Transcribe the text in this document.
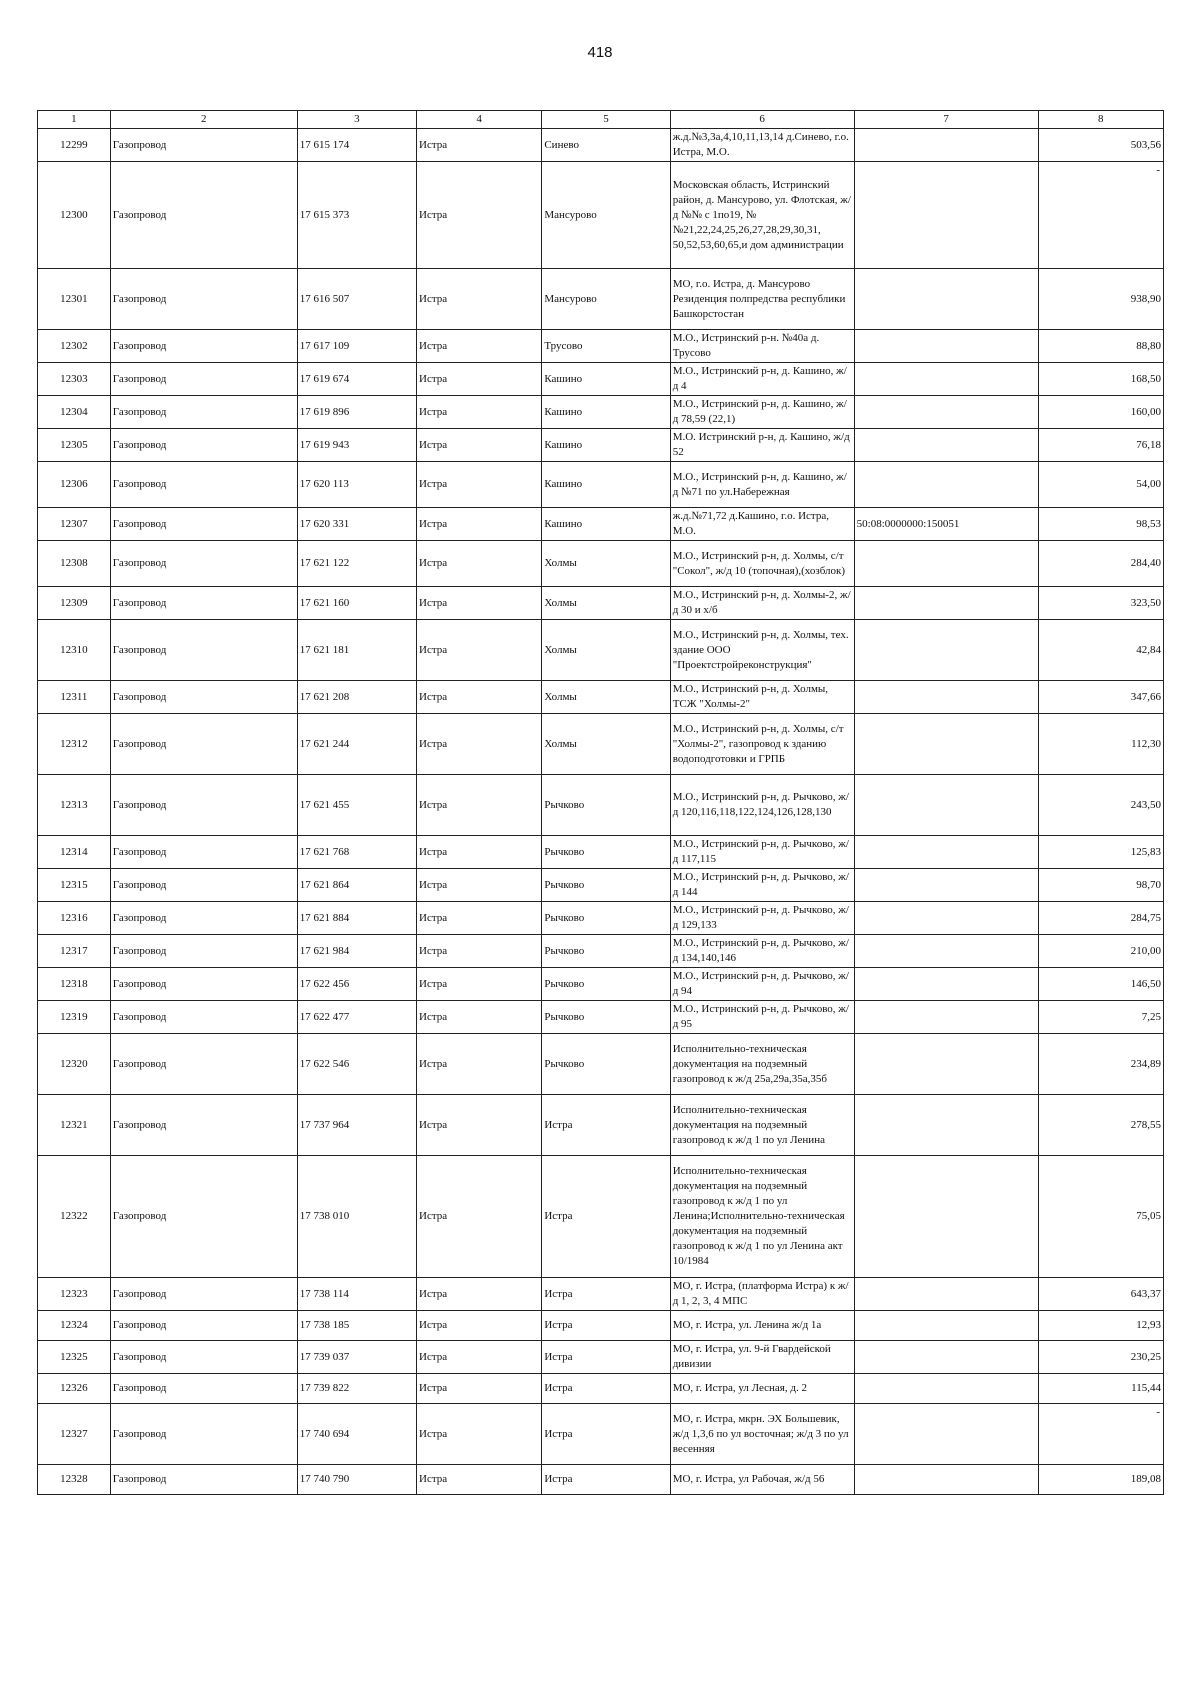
418
1	2	3	4	5	6	7	8
12299	Газопровод	17 615 174	Истра	Синево	ж.д.№3,3а,4,10,11,13,14 д.Синево, г.о. Истра, М.О.		503,56
12300	Газопровод	17 615 373	Истра	Мансурово	Московская область, Истринский район, д. Мансурово, ул. Флотская, ж/д №№ с 1по19, №№21,22,24,25,26,27,28,29,30,31, 50,52,53,60,65,и дом администрации		-

12301	Газопровод	17 616 507	Истра	Мансурово	МО, г.о. Истра, д. Мансурово Резиденция полпредства республики Башкорстостан		938,90
12302	Газопровод	17 617 109	Истра	Трусово	М.О., Истринский р-н. №40а д. Трусово		88,80
12303	Газопровод	17 619 674	Истра	Кашино	М.О., Истринский р-н, д. Кашино, ж/д 4		168,50
12304	Газопровод	17 619 896	Истра	Кашино	М.О., Истринский р-н, д. Кашино, ж/д 78,59 (22,1)		160,00
12305	Газопровод	17 619 943	Истра	Кашино	М.О. Истринский р-н, д. Кашино, ж/д 52		76,18
12306	Газопровод	17 620 113	Истра	Кашино	М.О., Истринский р-н, д. Кашино, ж/д №71 по ул.Набережная		54,00
12307	Газопровод	17 620 331	Истра	Кашино	ж.д.№71,72 д.Кашино, г.о. Истра, М.О.	50:08:0000000:150051	98,53
12308	Газопровод	17 621 122	Истра	Холмы	М.О., Истринский р-н, д. Холмы, с/т "Сокол", ж/д 10 (топочная),(хозблок)		284,40
12309	Газопровод	17 621 160	Истра	Холмы	М.О., Истринский р-н, д. Холмы-2, ж/д 30 и х/б		323,50
12310	Газопровод	17 621 181	Истра	Холмы	М.О., Истринский р-н, д. Холмы, тех. здание ООО "Проектстройреконструкция"		42,84
12311	Газопровод	17 621 208	Истра	Холмы	М.О., Истринский р-н, д. Холмы, ТСЖ "Холмы-2"		347,66
12312	Газопровод	17 621 244	Истра	Холмы	М.О., Истринский р-н, д. Холмы, с/т "Холмы-2", газопровод к зданию водоподготовки и ГРПБ		112,30
12313	Газопровод	17 621 455	Истра	Рычково	М.О., Истринский р-н, д. Рычково, ж/д 120,116,118,122,124,126,128,130		243,50
12314	Газопровод	17 621 768	Истра	Рычково	М.О., Истринский р-н, д. Рычково, ж/д 117,115		125,83
12315	Газопровод	17 621 864	Истра	Рычково	М.О., Истринский р-н, д. Рычково, ж/д 144		98,70
12316	Газопровод	17 621 884	Истра	Рычково	М.О., Истринский р-н, д. Рычково, ж/д 129,133		284,75
12317	Газопровод	17 621 984	Истра	Рычково	М.О., Истринский р-н, д. Рычково, ж/д 134,140,146		210,00
12318	Газопровод	17 622 456	Истра	Рычково	М.О., Истринский р-н, д. Рычково, ж/д 94		146,50
12319	Газопровод	17 622 477	Истра	Рычково	М.О., Истринский р-н, д. Рычково, ж/д 95		7,25
12320	Газопровод	17 622 546	Истра	Рычково	Исполнительно-техническая документация на подземный газопровод к ж/д 25а,29а,35а,35б		234,89
12321	Газопровод	17 737 964	Истра	Истра	Исполнительно-техническая документация на подземный газопровод к ж/д 1 по ул Ленина		278,55
12322	Газопровод	17 738 010	Истра	Истра	Исполнительно-техническая документация на подземный газопровод к ж/д 1 по ул Ленина;Исполнительно-техническая документация на подземный газопровод к ж/д 1 по ул Ленина акт 10/1984		75,05
12323	Газопровод	17 738 114	Истра	Истра	МО, г. Истра, (платформа Истра) к ж/д 1, 2, 3, 4 МПС		643,37
12324	Газопровод	17 738 185	Истра	Истра	МО, г. Истра, ул. Ленина ж/д 1а		12,93
12325	Газопровод	17 739 037	Истра	Истра	МО, г. Истра, ул. 9-й Гвардейской дивизии		230,25
12326	Газопровод	17 739 822	Истра	Истра	МО, г. Истра, ул Лесная, д. 2		115,44
12327	Газопровод	17 740 694	Истра	Истра	МО, г. Истра, мкрн. ЭХ Большевик, ж/д 1,3,6 по ул восточная; ж/д 3 по ул весенняя		-

12328	Газопровод	17 740 790	Истра	Истра	МО, г. Истра, ул Рабочая, ж/д 56		189,08
